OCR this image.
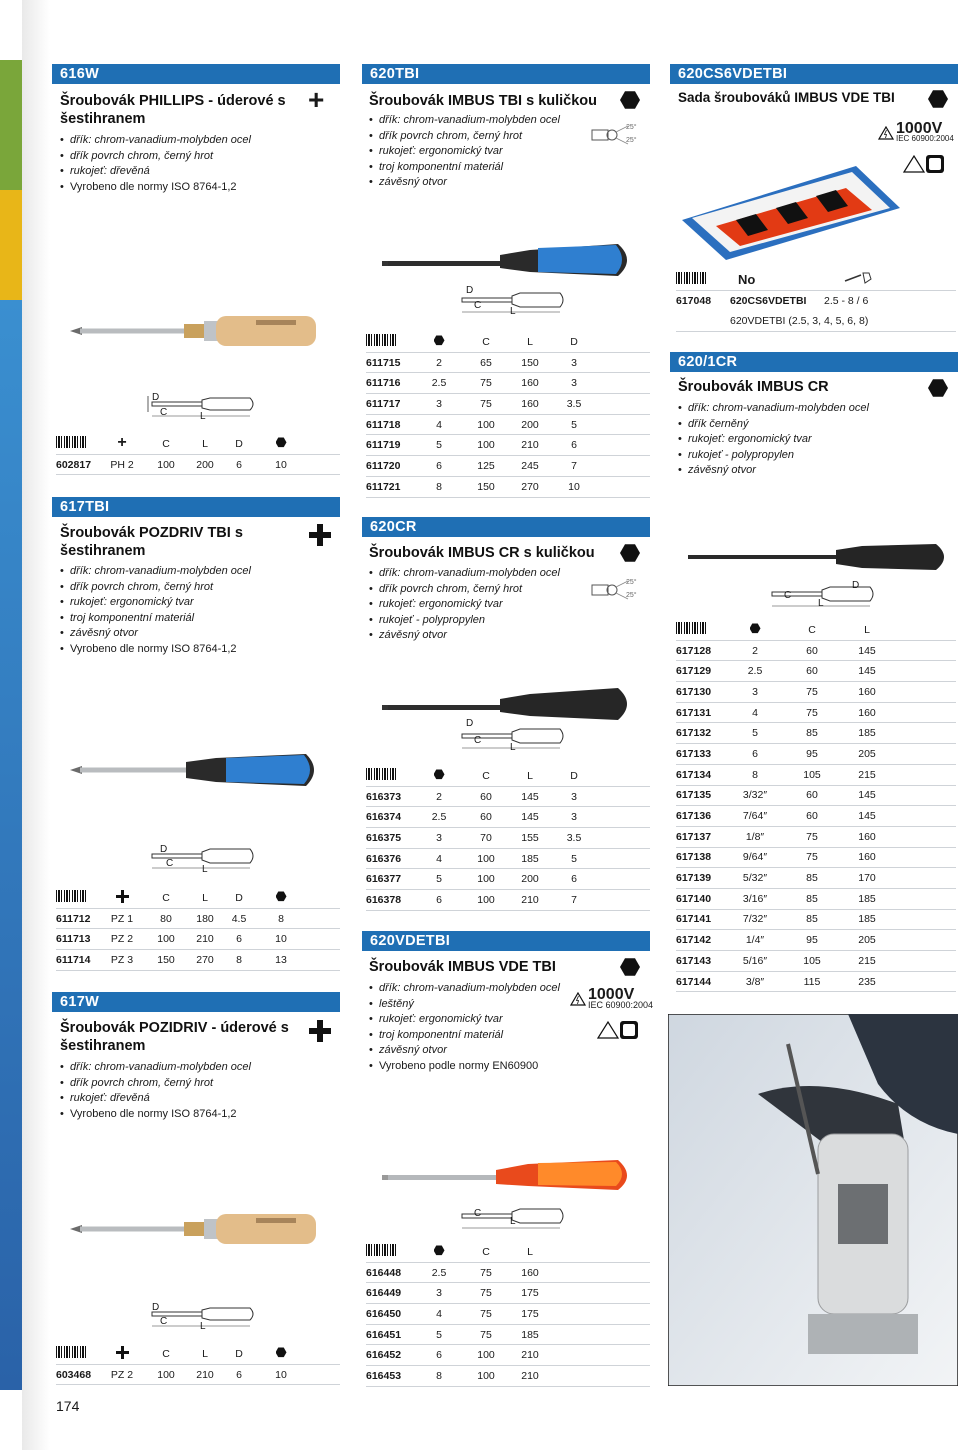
616W
Šroubovák PHILLIPS - úderové s šestihranem
+
• dřík: chrom-vanadium-molybden ocel
• dřík povrch chrom, černý hrot
• rukojeť: dřevěná
• Vyrobeno dle normy ISO 8764-1,2
D
C	L
+	C	L	D
602817	PH 2	100	200	6	10
617TBI
Šroubovák POZDRIV TBI s šestihranem
• dřík: chrom-vanadium-molybden ocel
• dřík povrch chrom, černý hrot
• rukojeť: ergonomický tvar
• troj komponentní materiál
• závěsný otvor
• Vyrobeno dle normy ISO 8764-1,2
D
C
L
C	L	D
611712	PZ 1	80	180	4.5	8
611713	PZ 2	100	210	6	10
611714	PZ 3	150	270	8	13
617W
Šroubovák POZIDRIV - úderové s šestihranem
• dřík: chrom-vanadium-molybden ocel
• dřík povrch chrom, černý hrot
• rukojeť: dřevěná
• Vyrobeno dle normy ISO 8764-1,2
D
C	L
C	L	D
603468	PZ 2	100	210	6	10
620TBI
Šroubovák IMBUS TBI s kuličkou
• dřík: chrom-vanadium-molybden ocel
• dřík povrch chrom, černý hrot
• rukojeť: ergonomický tvar
• troj komponentní materiál
• závěsný otvor
25°
25°
D
C
L
C	L	D
611715	2	65	150	3
611716	2.5	75	160	3
611717	3	75	160	3.5
611718	4	100	200	5
611719	5	100	210	6
611720	6	125	245	7
611721	8	150	270	10
620CR
Šroubovák IMBUS CR s kuličkou
• dřík: chrom-vanadium-molybden ocel
• dřík povrch chrom, černý hrot
• rukojeť: ergonomický tvar
• rukojeť - polypropylen
• závěsný otvor
25°
25°
D
C
L
C	L	D
616373	2	60	145	3
616374	2.5	60	145	3
616375	3	70	155	3.5
616376	4	100	185	5
616377	5	100	200	6
616378	6	100	210	7
620VDETBI
Šroubovák IMBUS VDE TBI
• dřík: chrom-vanadium-molybden ocel
• leštěný
• rukojeť: ergonomický tvar
• troj komponentní materiál
• závěsný otvor
• Vyrobeno podle normy EN60900
1000V
IEC 60900:2004
C
L
C	L
616448	2.5	75	160
616449	3	75	175
616450	4	75	175
616451	5	75	185
616452	6	100	210
616453	8	100	210
620CS6VDETBI
Sada šroubováků IMBUS VDE TBI
1000V
IEC 60900:2004
No
617048	620CS6VDETBI	2.5 - 8 / 6
620VDETBI (2.5, 3, 4, 5, 6, 8)
620/1CR
Šroubovák IMBUS CR
• dřík: chrom-vanadium-molybden ocel
• dřík černěný
• rukojeť: ergonomický tvar
• rukojeť - polypropylen
• závěsný otvor
D
C
L
C	L
617128	2	60	145
617129	2.5	60	145
617130	3	75	160
617131	4	75	160
617132	5	85	185
617133	6	95	205
617134	8	105	215
617135	3/32″	60	145
617136	7/64″	60	145
617137	1/8″	75	160
617138	9/64″	75	160
617139	5/32″	85	170
617140	3/16″	85	185
617141	7/32″	85	185
617142	1/4″	95	205
617143	5/16″	105	215
617144	3/8″	115	235
174
